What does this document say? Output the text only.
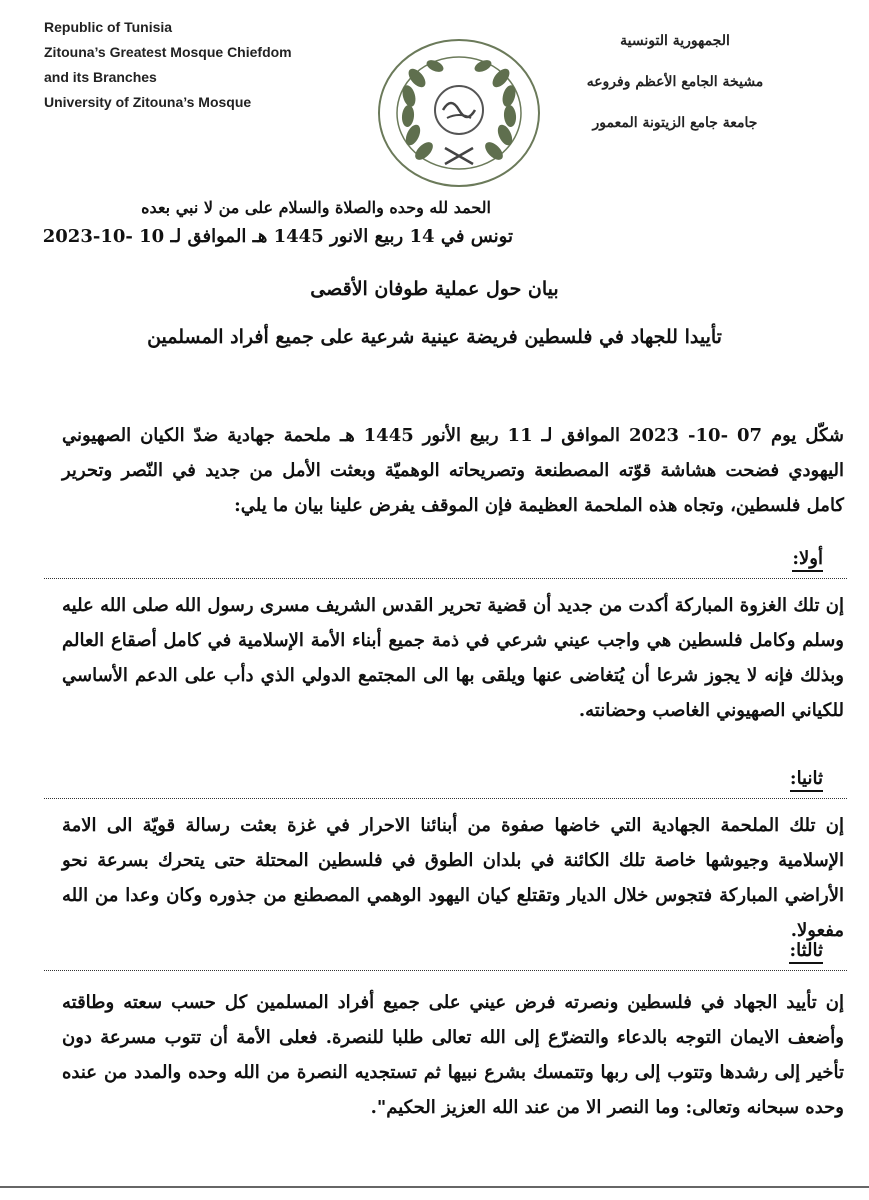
Republic of Tunisia
Zitouna’s Greatest Mosque Chiefdom
and its Branches
University of Zitouna’s Mosque
الجمهورية التونسية
مشيخة الجامع الأعظم وفروعه
جامعة جامع الزيتونة المعمور
الحمد لله وحده والصلاة والسلام على من لا نبي بعده
تونس في 14 ربيع الانور 1445 هـ الموافق لـ 10 -10-2023
بيان حول عملية طوفان الأقصى
تأييدا للجهاد في فلسطين فريضة عينية شرعية على جميع أفراد المسلمين
شكّل يوم 07 -10- 2023 الموافق لـ 11 ربيع الأنور 1445 هـ ملحمة جهادية ضدّ الكيان الصهيوني اليهودي فضحت هشاشة قوّته المصطنعة وتصريحاته الوهميّة وبعثت الأمل من جديد في النّصر وتحرير كامل فلسطين، وتجاه هذه الملحمة العظيمة فإن الموقف يفرض علينا بيان ما يلي:
أولا:
إن تلك الغزوة المباركة أكدت من جديد أن قضية تحرير القدس الشريف مسرى رسول الله صلى الله عليه وسلم وكامل فلسطين هي واجب عيني شرعي في ذمة جميع أبناء الأمة الإسلامية في كامل أصقاع العالم وبذلك فإنه لا يجوز شرعا أن يُتغاضى عنها ويلقى بها الى المجتمع الدولي الذي دأب على الدعم الأساسي للكياني الصهيوني الغاصب وحضانته.
ثانيا:
إن تلك الملحمة الجهادية التي خاضها صفوة من أبنائنا الاحرار في غزة بعثت رسالة قويّة الى الامة الإسلامية وجيوشها خاصة تلك الكائنة في بلدان الطوق في فلسطين المحتلة حتى يتحرك بسرعة نحو الأراضي المباركة فتجوس خلال الديار وتقتلع كيان اليهود الوهمي المصطنع من جذوره وكان وعدا من الله مفعولا.
ثالثا:
إن تأييد الجهاد في فلسطين ونصرته فرض عيني على جميع أفراد المسلمين كل حسب سعته وطاقته وأضعف الايمان التوجه بالدعاء والتضرّع إلى الله تعالى طلبا للنصرة. فعلى الأمة أن تتوب مسرعة دون تأخير إلى رشدها وتتوب إلى ربها وتتمسك بشرع نبيها ثم تستجديه النصرة من الله وحده والمدد من عنده وحده سبحانه وتعالى: وما النصر الا من عند الله العزيز الحكيم".
